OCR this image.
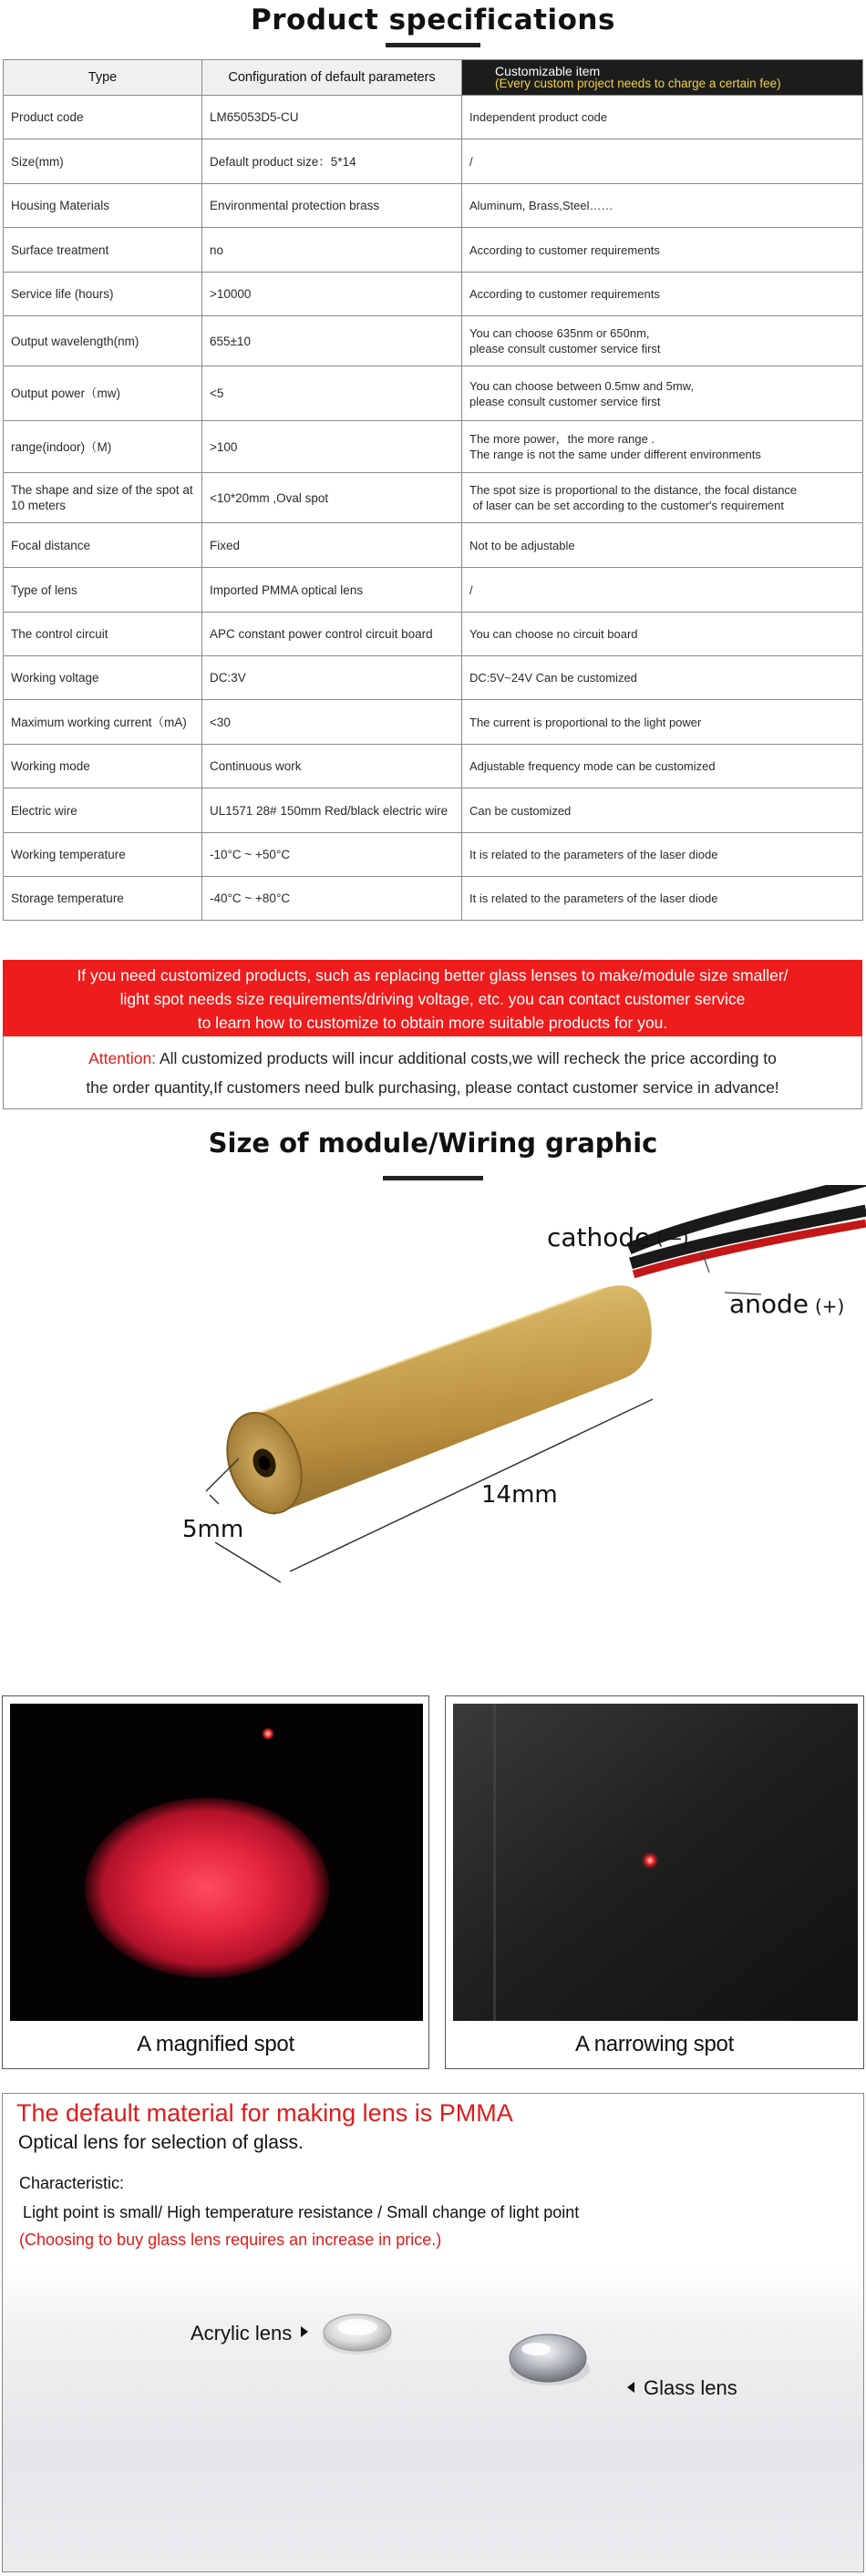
Product specifications
Type	Configuration of default parameters	Customizable item
(Every custom project needs to charge a certain fee)

Product code	LM65053D5-CU	Independent product code

Size(mm)	Default product size：5*14	/

Housing Materials	Environmental protection brass	Aluminum, Brass,Steel……

Surface treatment	no	According to customer requirements

Service life (hours)	>10000	According to customer requirements

Output wavelength(nm)	655±10	You can choose 635nm or 650nm,
please consult customer service first

Output power（mw)	<5	You can choose between 0.5mw and 5mw,
please consult customer service first

range(indoor)（M)	>100	The more power，the more range .
The range is not the same under different environments

The shape and size of the spot at 10 meters	<10*20mm ,Oval spot	The spot size is proportional to the distance, the focal distance
of laser can be set according to the customer's requirement

Focal distance	Fixed	Not to be adjustable

Type of lens	Imported PMMA optical lens	/

The control circuit	APC constant power control circuit board	You can choose no circuit board

Working voltage	DC:3V	DC:5V~24V Can be customized

Maximum working current（mA)	<30	The current is proportional to the light power

Working mode	Continuous work	Adjustable frequency mode can be customized

Electric wire	UL1571 28# 150mm Red/black electric wire	Can be customized

Working temperature	-10°C ~ +50°C	It is related to the parameters of the laser diode

Storage temperature	-40°C ~ +80°C	It is related to the parameters of the laser diode
If you need customized products, such as replacing better glass lenses to make/module size smaller/
light spot needs size requirements/driving voltage, etc. you can contact customer service
to learn how to customize to obtain more suitable products for you.
Attention: All customized products will incur additional costs,we will recheck the price according to
the order quantity,If customers need bulk purchasing, please contact customer service in advance!
Size of module/Wiring graphic
cathode (—)
anode (+)
14mm
5mm
A magnified spot	A narrowing spot
The default material for making lens is PMMA
Optical lens for selection of glass.
Characteristic:
Light point is small/ High temperature resistance / Small change of light point
(Choosing to buy glass lens requires an increase in price.)
Acrylic lens
Glass lens
